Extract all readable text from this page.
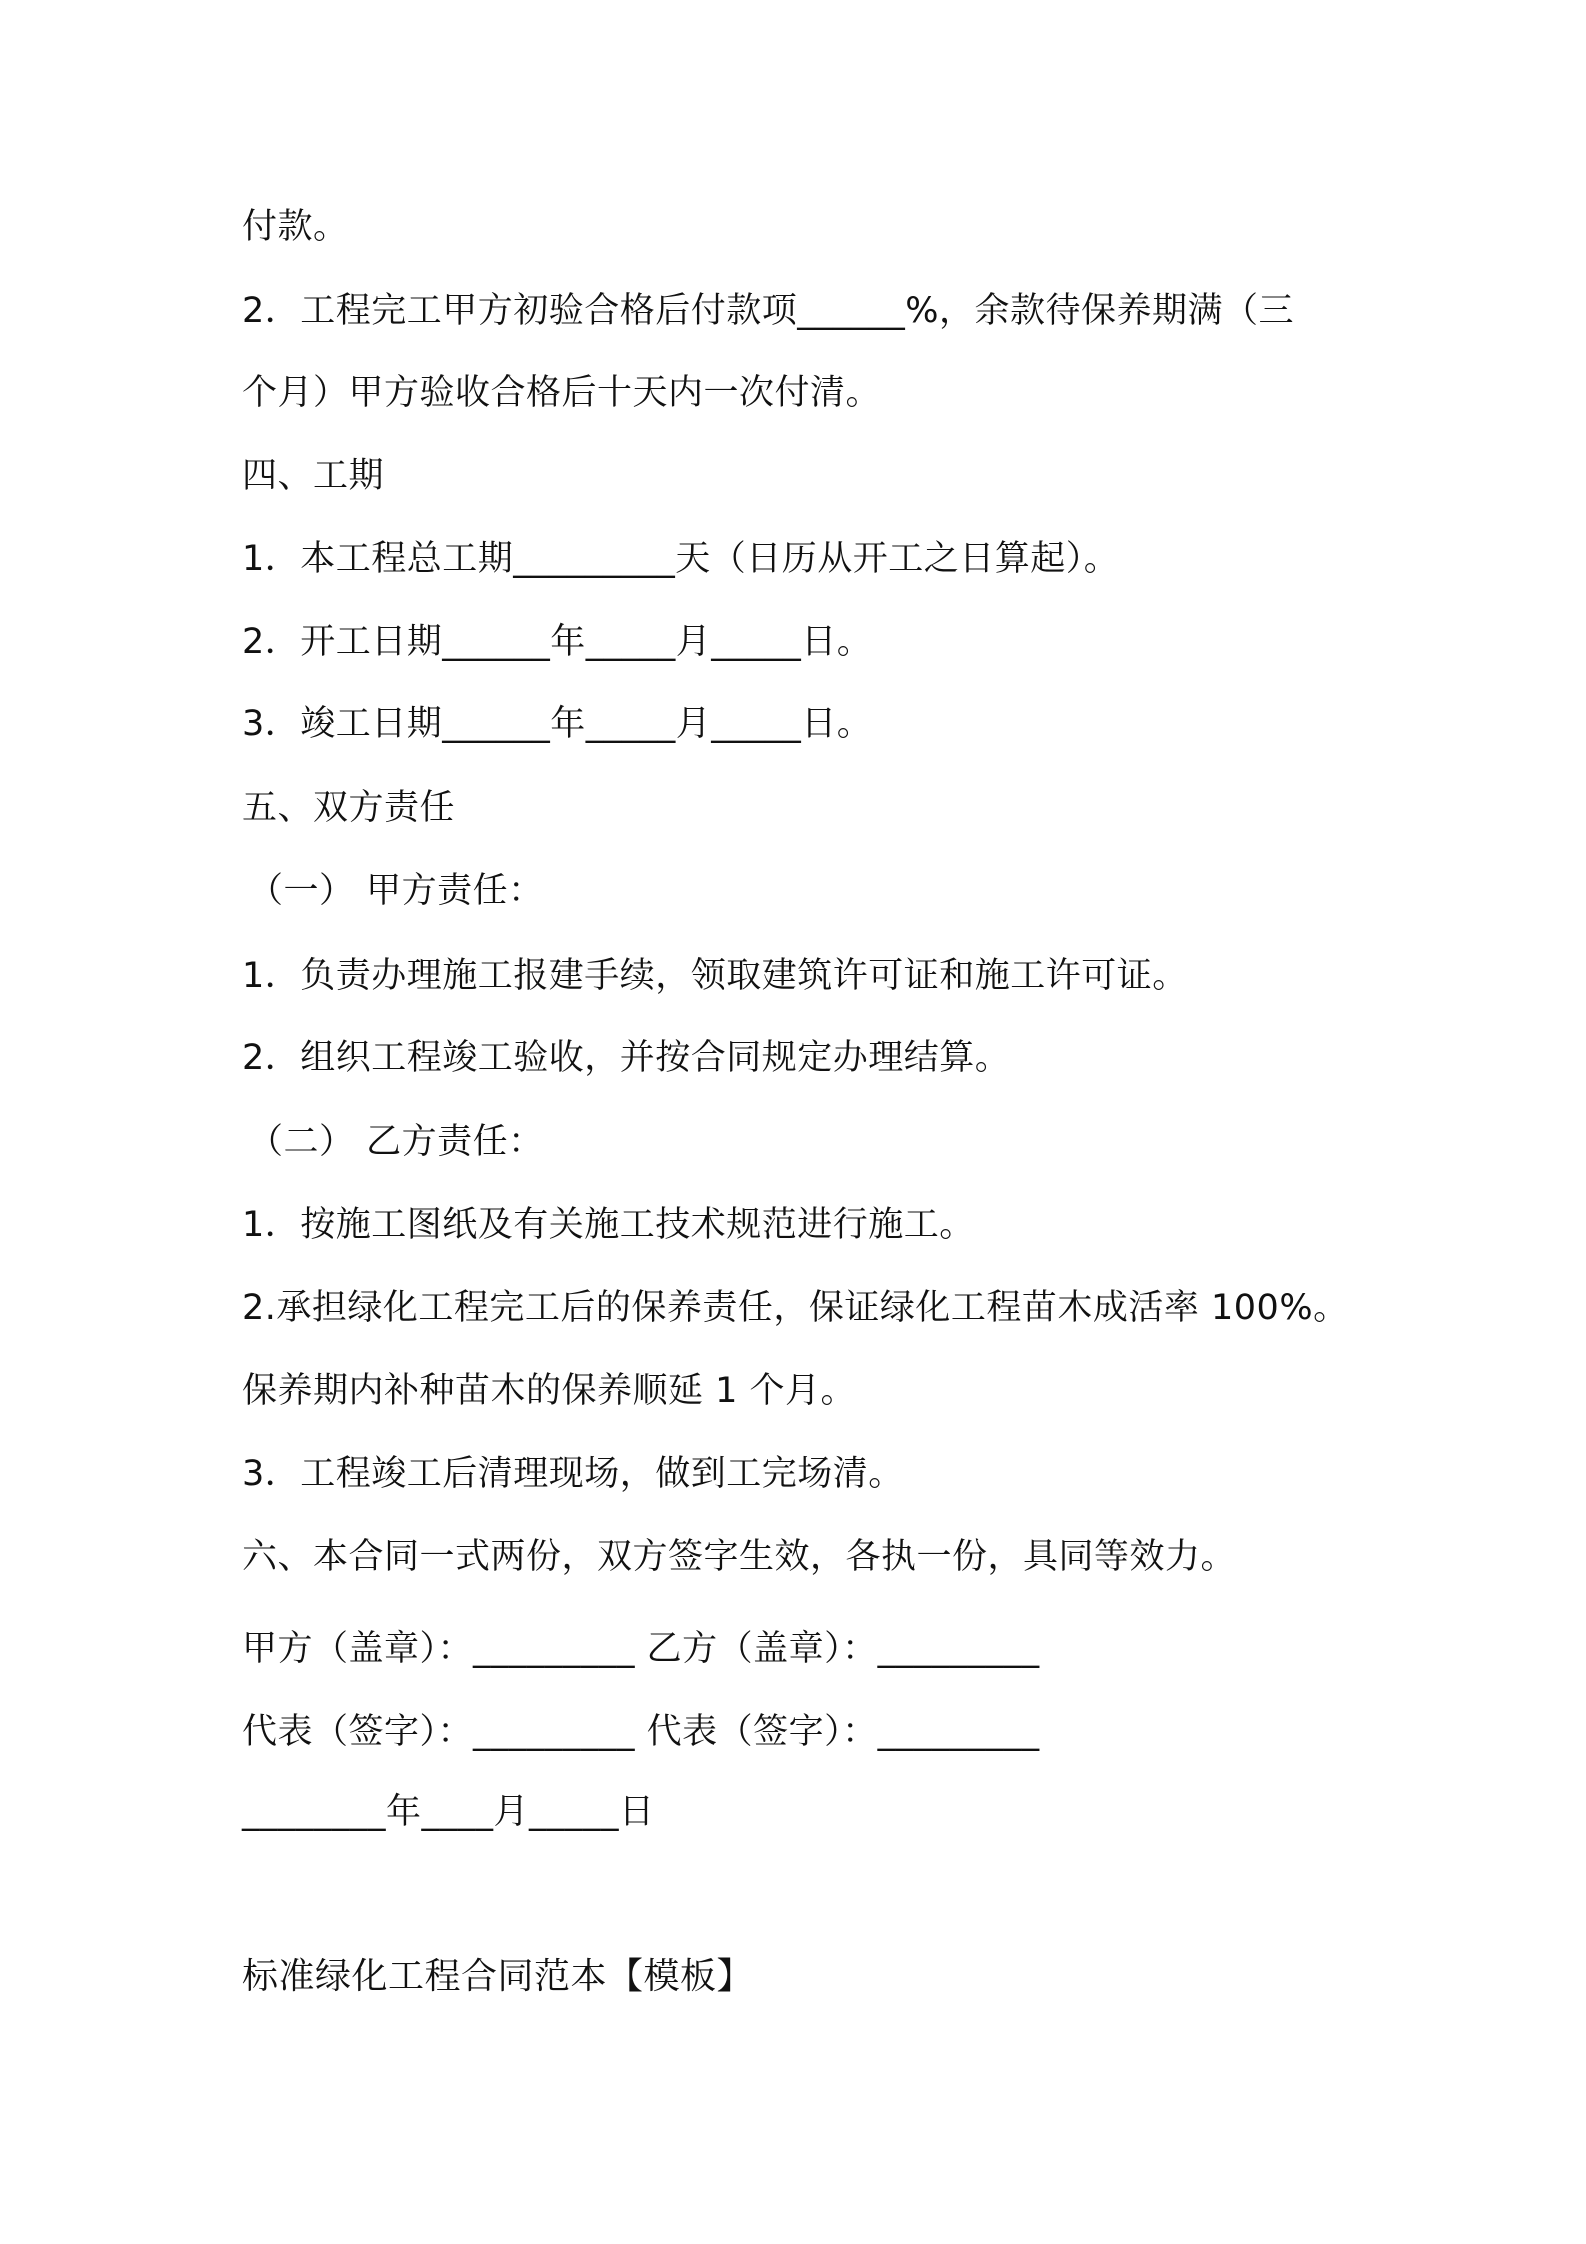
付款。
2．工程完工甲方初验合格后付款项______%，余款待保养期满（三
个月）甲方验收合格后十天内一次付清。
四、工期
1．本工程总工期_________天（日历从开工之日算起）。
2．开工日期______年_____月_____日。
3．竣工日期______年_____月_____日。
五、双方责任
（一） 甲方责任：
1．负责办理施工报建手续，领取建筑许可证和施工许可证。
2．组织工程竣工验收，并按合同规定办理结算。
（二） 乙方责任：
1．按施工图纸及有关施工技术规范进行施工。
2.承担绿化工程完工后的保养责任，保证绿化工程苗木成活率 100%。
保养期内补种苗木的保养顺延 1 个月。
3．工程竣工后清理现场，做到工完场清。
六、本合同一式两份，双方签字生效，各执一份，具同等效力。
甲方（盖章）：_________ 乙方（盖章）：_________
代表（签字）：_________ 代表（签字）：_________
________年____月_____日
标准绿化工程合同范本【模板】
